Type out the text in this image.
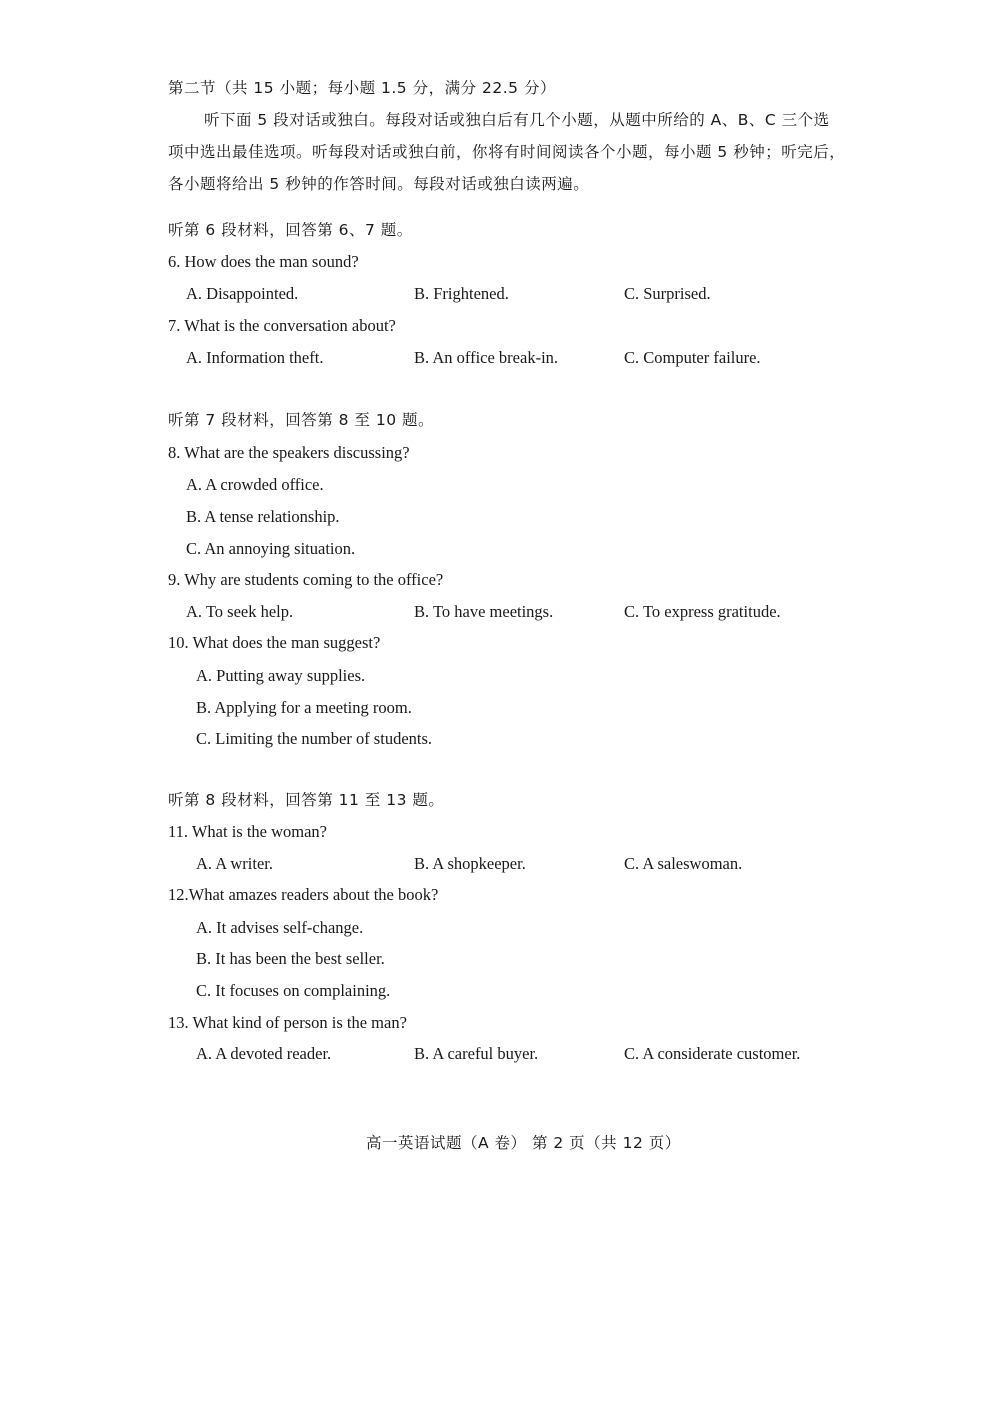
第二节（共 15 小题；每小题 1.5 分，满分 22.5 分）
听下面 5 段对话或独白。每段对话或独白后有几个小题，从题中所给的 A、B、C 三个选
项中选出最佳选项。听每段对话或独白前，你将有时间阅读各个小题，每小题 5 秒钟；听完后，
各小题将给出 5 秒钟的作答时间。每段对话或独白读两遍。
听第 6 段材料，回答第 6、7 题。
6. How does the man sound?
A. Disappointed.	B. Frightened.	C. Surprised.
7. What is the conversation about?
A. Information theft.	B. An office break-in.	C. Computer failure.
听第 7 段材料，回答第 8 至 10 题。
8. What are the speakers discussing?
A. A crowded office.
B. A tense relationship.
C. An annoying situation.
9. Why are students coming to the office?
A. To seek help.	B. To have meetings.	C. To express gratitude.
10. What does the man suggest?
A. Putting away supplies.
B. Applying for a meeting room.
C. Limiting the number of students.
听第 8 段材料，回答第 11 至 13 题。
11. What is the woman?
A. A writer.	B. A shopkeeper.	C. A saleswoman.
12.What amazes readers about the book?
A. It advises self-change.
B. It has been the best seller.
C. It focuses on complaining.
13. What kind of person is the man?
A. A devoted reader.	B. A careful buyer.	C. A considerate customer.
高一英语试题（A 卷） 第 2 页（共 12 页）
